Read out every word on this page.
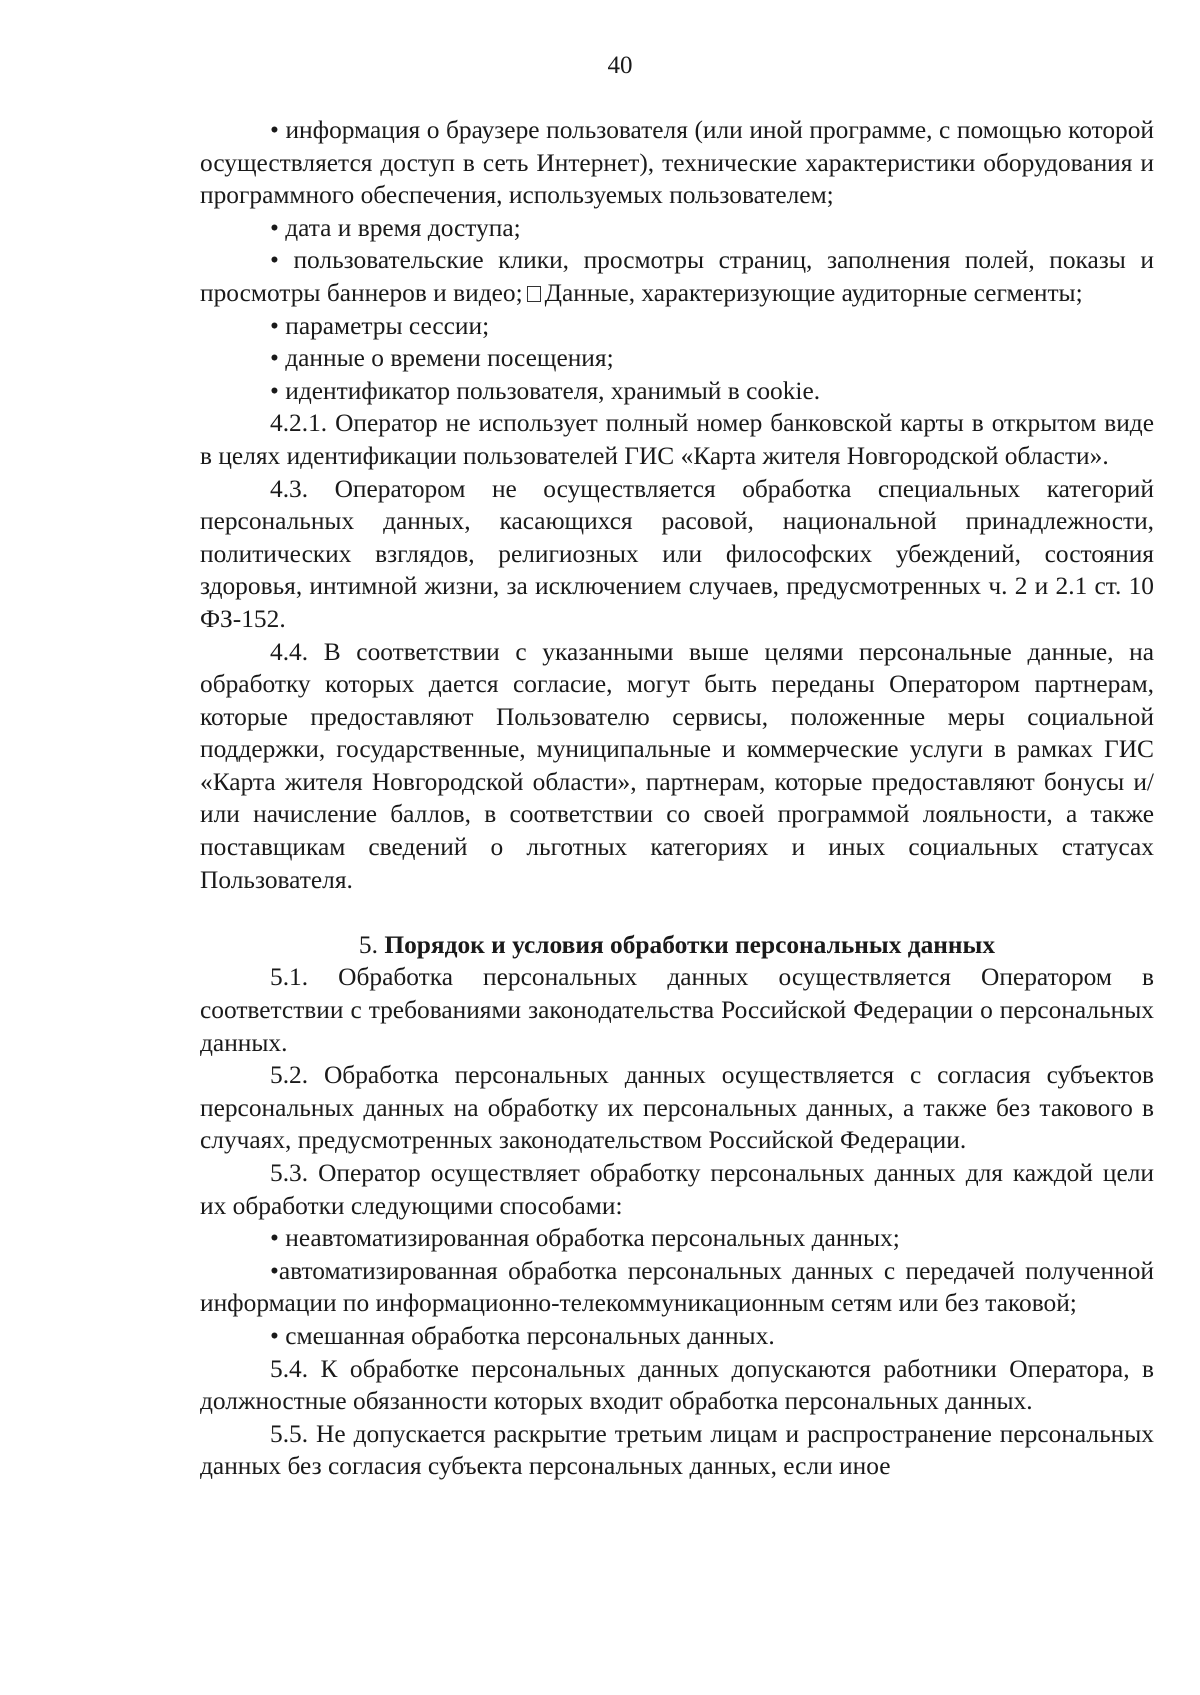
40

• информация о браузере пользователя (или иной программе, с помощью которой осуществляется доступ в сеть Интернет), технические характеристики оборудования и программного обеспечения, используемых пользователем;

• дата и время доступа;

• пользовательские клики, просмотры страниц, заполнения полей, показы и просмотры баннеров и видео; Данные, характеризующие аудиторные сегменты;

• параметры сессии;

• данные о времени посещения;

• идентификатор пользователя, хранимый в cookie.

4.2.1. Оператор не использует полный номер банковской карты в открытом виде в целях идентификации пользователей ГИС «Карта жителя Новгородской области».

4.3. Оператором не осуществляется обработка специальных категорий персональных данных, касающихся расовой, национальной принадлежности, политических взглядов, религиозных или философских убеждений, состояния здоровья, интимной жизни, за исключением случаев, предусмотренных ч. 2 и 2.1 ст. 10 ФЗ-152.

4.4. В соответствии с указанными выше целями персональные данные, на обработку которых дается согласие, могут быть переданы Оператором партнерам, которые предоставляют Пользователю сервисы, положенные меры социальной поддержки, государственные, муниципальные и коммерческие услуги в рамках ГИС «Карта жителя Новгородской области», партнерам, которые предоставляют бонусы и/или начисление баллов, в соответствии со своей программой лояльности, а также поставщикам сведений о льготных категориях и иных социальных статусах Пользователя.

5. Порядок и условия обработки персональных данных

5.1. Обработка персональных данных осуществляется Оператором в соответствии с требованиями законодательства Российской Федерации о персональных данных.

5.2. Обработка персональных данных осуществляется с согласия субъектов персональных данных на обработку их персональных данных, а также без такового в случаях, предусмотренных законодательством Российской Федерации.

5.3. Оператор осуществляет обработку персональных данных для каждой цели их обработки следующими способами:

• неавтоматизированная обработка персональных данных;

•автоматизированная обработка персональных данных с передачей полученной информации по информационно-телекоммуникационным сетям или без таковой;

• смешанная обработка персональных данных.

5.4. К обработке персональных данных допускаются работники Оператора, в должностные обязанности которых входит обработка персональных данных.

5.5. Не допускается раскрытие третьим лицам и распространение персональных данных без согласия субъекта персональных данных, если иное
